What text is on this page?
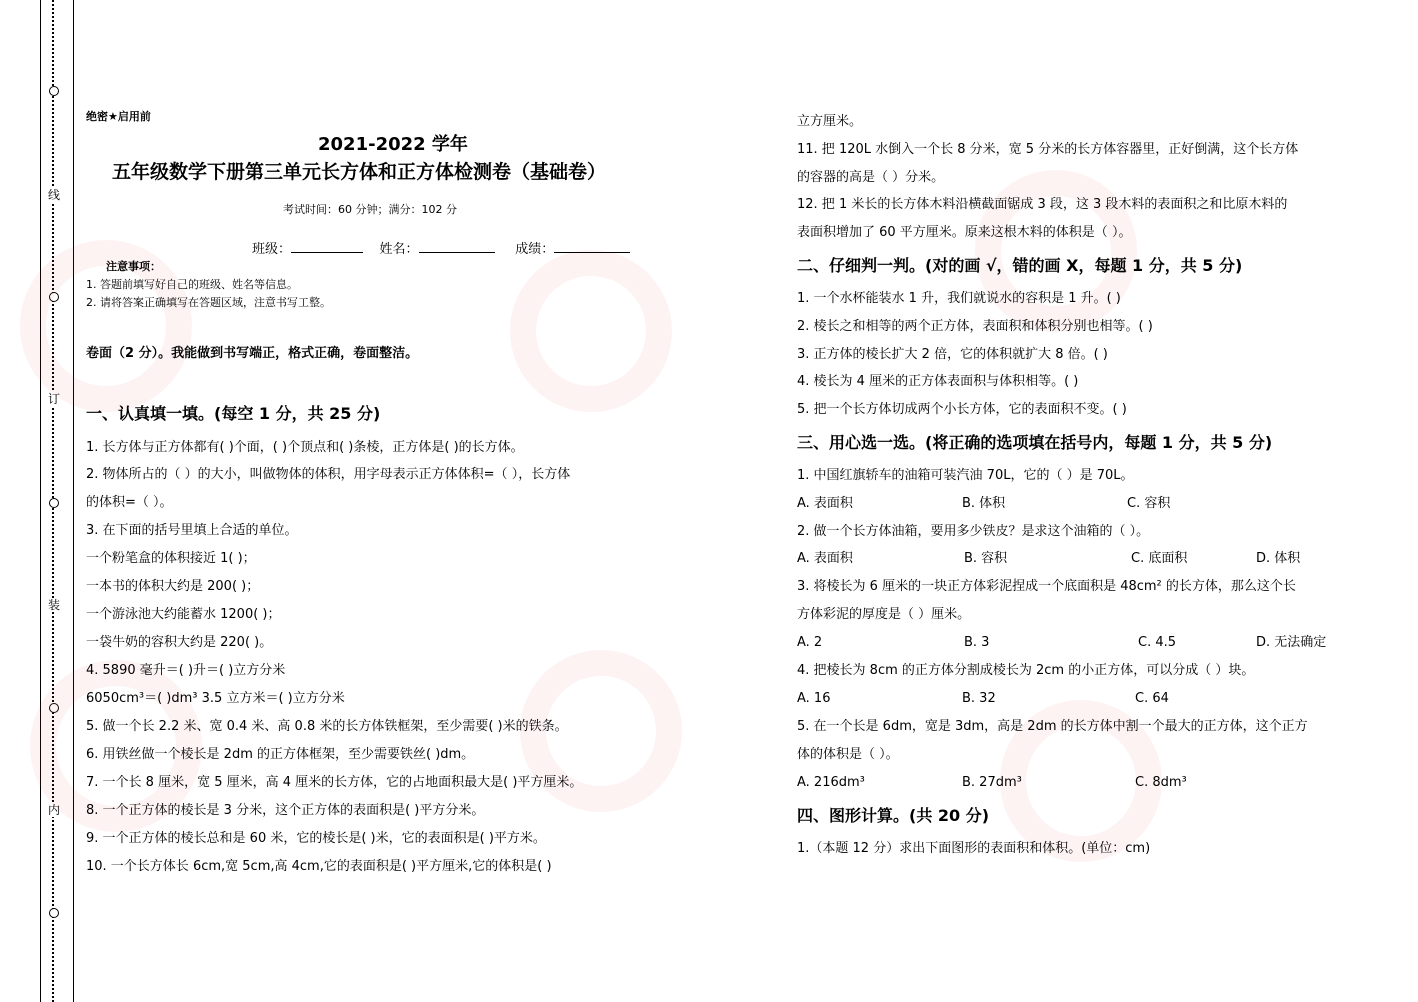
线
订
装
内
绝密★启用前
2021-2022 学年
五年级数学下册第三单元长方体和正方体检测卷（基础卷）
考试时间：60 分钟；满分：102 分
班级：	姓名：	成绩：
注意事项：
1. 答题前填写好自己的班级、姓名等信息。
2. 请将答案正确填写在答题区域，注意书写工整。
卷面（2 分）。我能做到书写端正，格式正确，卷面整洁。
一、认真填一填。(每空 1 分，共 25 分)
1. 长方体与正方体都有( )个面，( )个顶点和( )条棱，正方体是( )的长方体。
2. 物体所占的（ ）的大小，叫做物体的体积，用字母表示正方体体积=（ ），长方体
的体积=（ ）。
3. 在下面的括号里填上合适的单位。
一个粉笔盒的体积接近 1( )；
一本书的体积大约是 200( )；
一个游泳池大约能蓄水 1200( )；
一袋牛奶的容积大约是 220( )。
4. 5890 毫升＝( )升＝( )立方分米
6050cm³＝( )dm³ 3.5 立方米＝( )立方分米
5. 做一个长 2.2 米、宽 0.4 米、高 0.8 米的长方体铁框架，至少需要( )米的铁条。
6. 用铁丝做一个棱长是 2dm 的正方体框架，至少需要铁丝( )dm。
7. 一个长 8 厘米，宽 5 厘米，高 4 厘米的长方体，它的占地面积最大是( )平方厘米。
8. 一个正方体的棱长是 3 分米，这个正方体的表面积是( )平方分米。
9. 一个正方体的棱长总和是 60 米，它的棱长是( )米，它的表面积是( )平方米。
10. 一个长方体长 6cm,宽 5cm,高 4cm,它的表面积是( )平方厘米,它的体积是( )
立方厘米。
11. 把 120L 水倒入一个长 8 分米，宽 5 分米的长方体容器里，正好倒满，这个长方体
的容器的高是（ ）分米。
12. 把 1 米长的长方体木料沿横截面锯成 3 段，这 3 段木料的表面积之和比原木料的
表面积增加了 60 平方厘米。原来这根木料的体积是（ ）。
二、仔细判一判。(对的画 √，错的画 X，每题 1 分，共 5 分)
1. 一个水杯能装水 1 升，我们就说水的容积是 1 升。( )
2. 棱长之和相等的两个正方体，表面积和体积分别也相等。( )
3. 正方体的棱长扩大 2 倍，它的体积就扩大 8 倍。( )
4. 棱长为 4 厘米的正方体表面积与体积相等。( )
5. 把一个长方体切成两个小长方体，它的表面积不变。( )
三、用心选一选。(将正确的选项填在括号内，每题 1 分，共 5 分)
1. 中国红旗轿车的油箱可装汽油 70L，它的（ ）是 70L。
A. 表面积	B. 体积	C. 容积
2. 做一个长方体油箱，要用多少铁皮？是求这个油箱的（ ）。
A. 表面积	B. 容积	C. 底面积	D. 体积
3. 将棱长为 6 厘米的一块正方体彩泥捏成一个底面积是 48cm² 的长方体，那么这个长
方体彩泥的厚度是（ ）厘米。
A. 2	B. 3	C. 4.5	D. 无法确定
4. 把棱长为 8cm 的正方体分割成棱长为 2cm 的小正方体，可以分成（ ）块。
A. 16	B. 32	C. 64
5. 在一个长是 6dm，宽是 3dm，高是 2dm 的长方体中割一个最大的正方体，这个正方
体的体积是（ ）。
A. 216dm³	B. 27dm³	C. 8dm³
四、图形计算。(共 20 分)
1.（本题 12 分）求出下面图形的表面积和体积。(单位：cm)
